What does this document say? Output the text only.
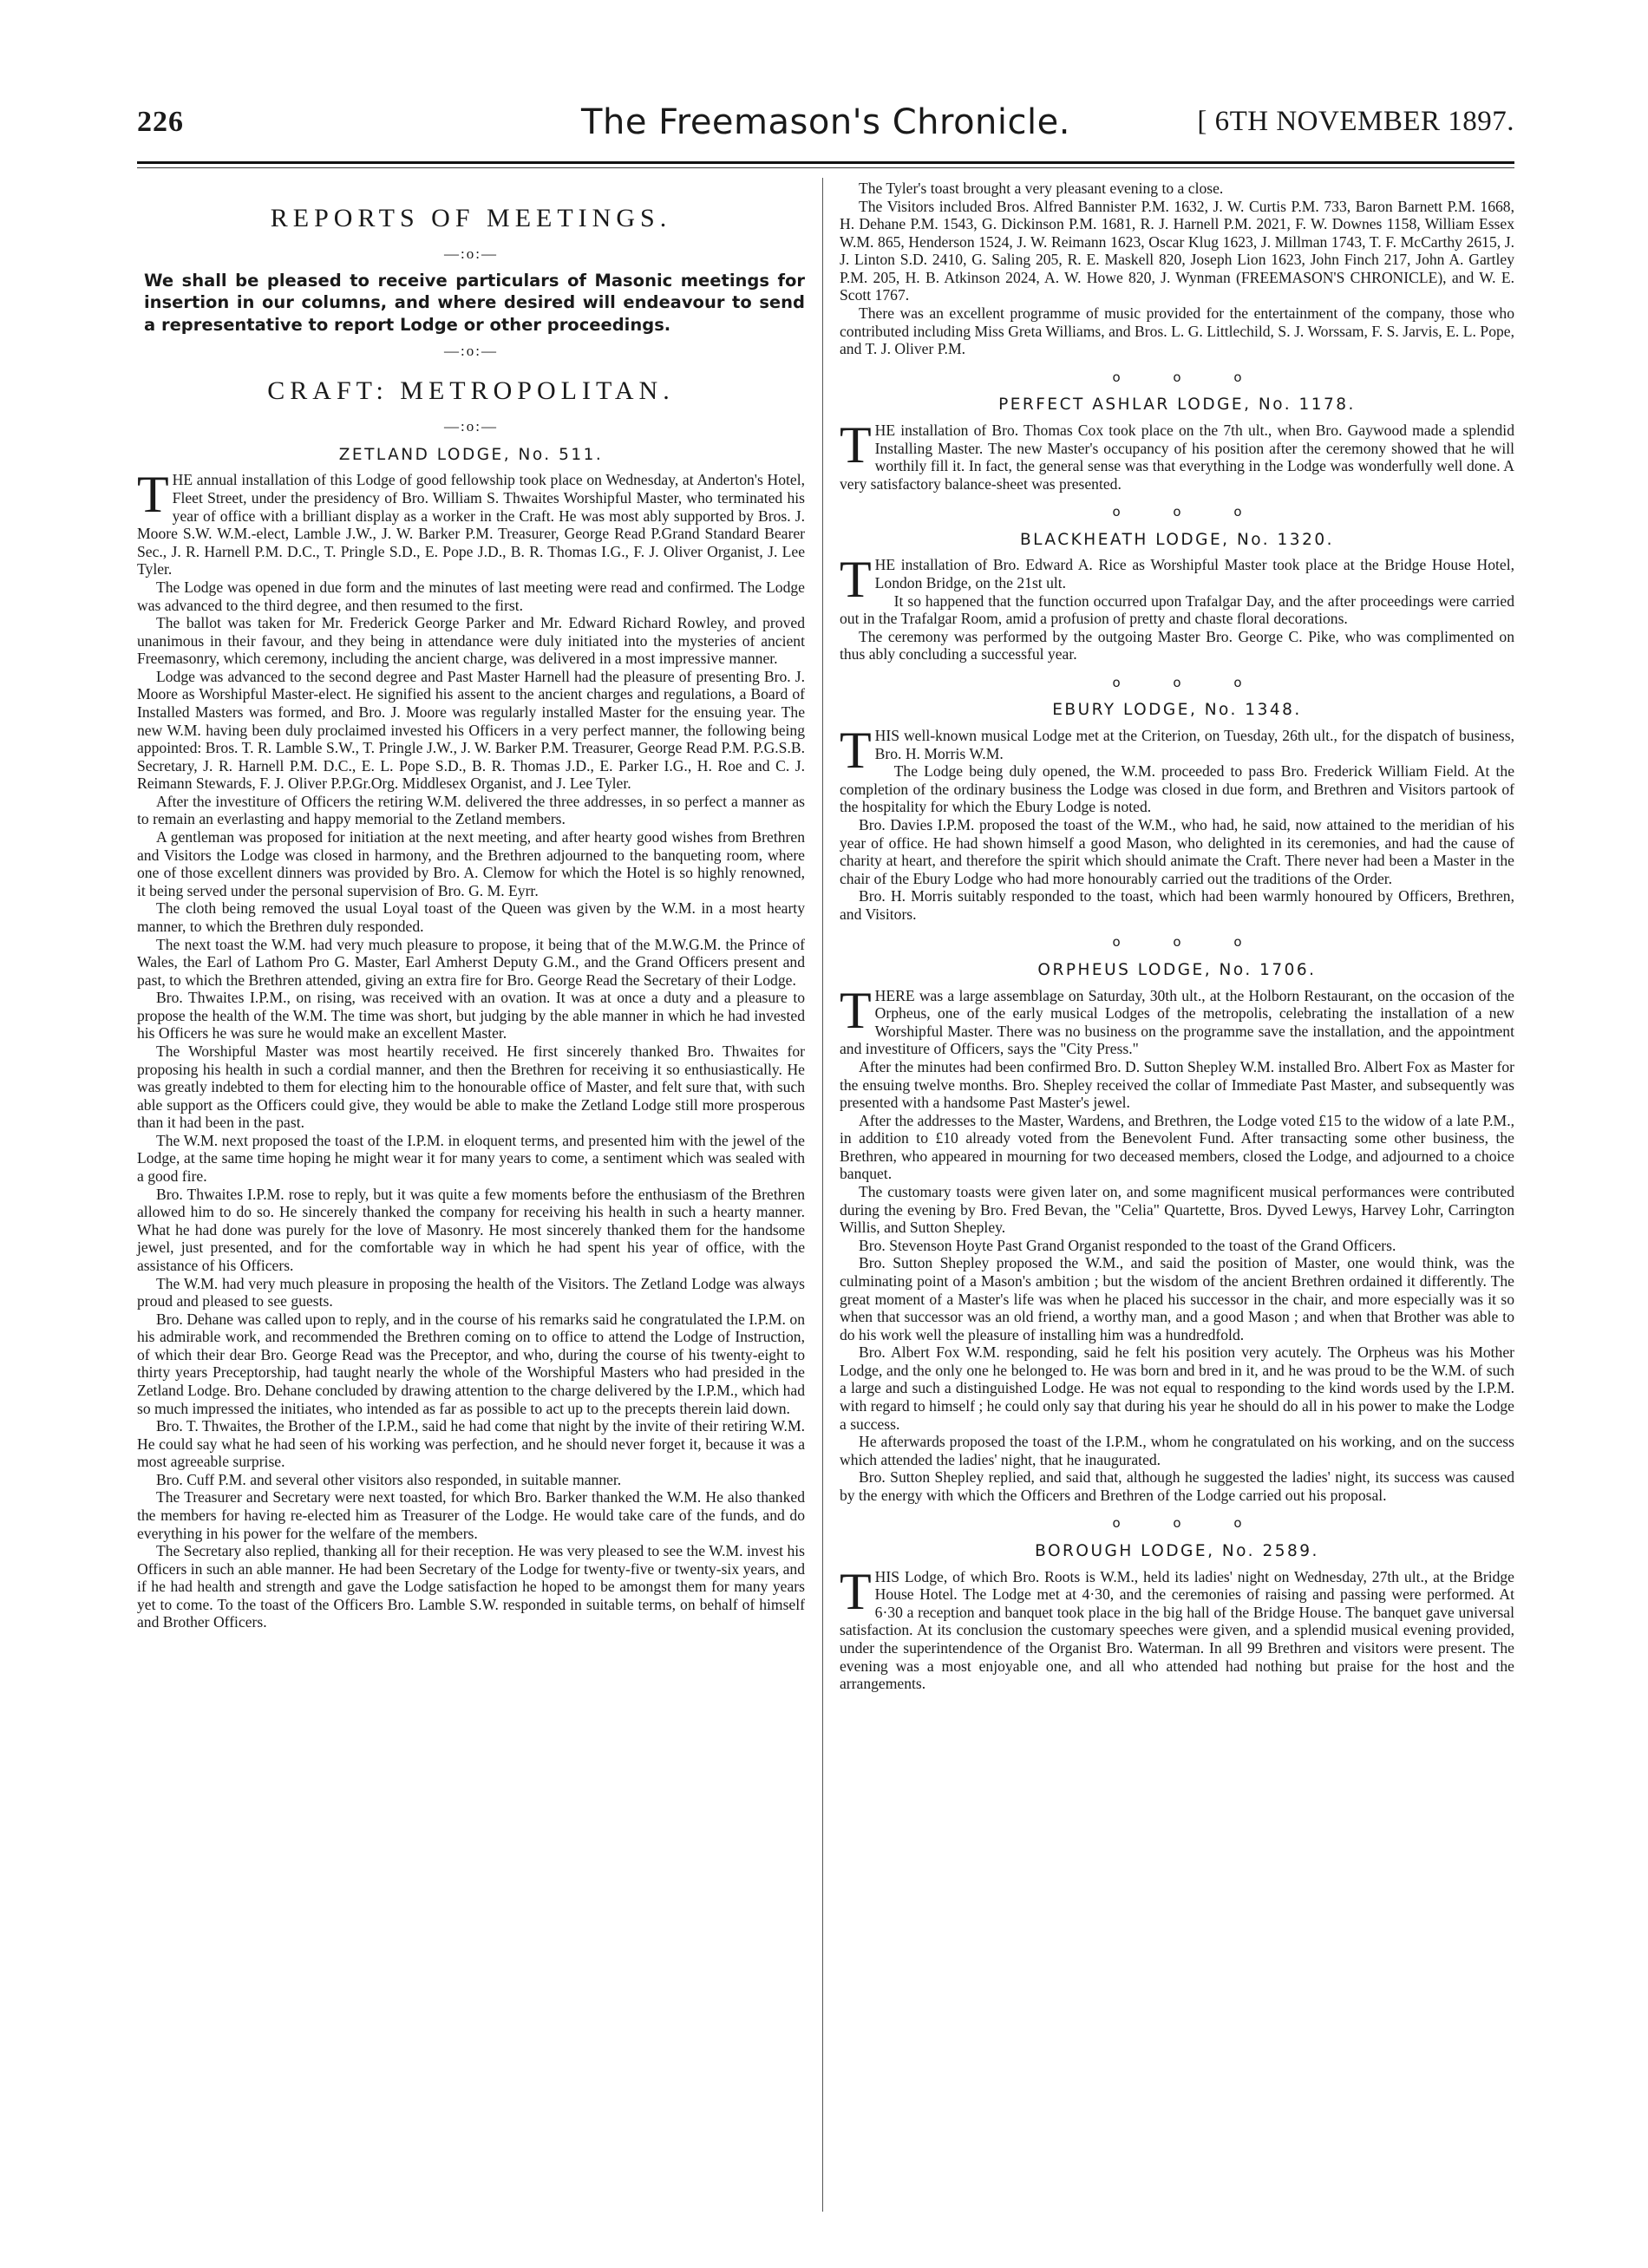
226	The Freemason's Chronicle.	[ 6TH NOVEMBER 1897.
REPORTS OF MEETINGS.
—:o:—
We shall be pleased to receive particulars of Masonic meetings for insertion in our columns, and where desired will endeavour to send a representative to report Lodge or other proceedings.
—:o:—
CRAFT: METROPOLITAN.
—:o:—
ZETLAND LODGE, No. 511.

THE annual installation of this Lodge of good fellowship took place on Wednesday, at Anderton's Hotel, Fleet Street, under the presidency of Bro. William S. Thwaites Worshipful Master, who terminated his year of office with a brilliant display as a worker in the Craft. He was most ably supported by Bros. J. Moore S.W. W.M.-elect, Lamble J.W., J. W. Barker P.M. Treasurer, George Read P.Grand Standard Bearer Sec., J. R. Harnell P.M. D.C., T. Pringle S.D., E. Pope J.D., B. R. Thomas I.G., F. J. Oliver Organist, J. Lee Tyler.

The Lodge was opened in due form and the minutes of last meeting were read and confirmed. The Lodge was advanced to the third degree, and then resumed to the first.

The ballot was taken for Mr. Frederick George Parker and Mr. Edward Richard Rowley, and proved unanimous in their favour, and they being in attendance were duly initiated into the mysteries of ancient Freemasonry, which ceremony, including the ancient charge, was delivered in a most impressive manner.

Lodge was advanced to the second degree and Past Master Harnell had the pleasure of presenting Bro. J. Moore as Worshipful Master-elect. He signified his assent to the ancient charges and regulations, a Board of Installed Masters was formed, and Bro. J. Moore was regularly installed Master for the ensuing year. The new W.M. having been duly proclaimed invested his Officers in a very perfect manner, the following being appointed: Bros. T. R. Lamble S.W., T. Pringle J.W., J. W. Barker P.M. Treasurer, George Read P.M. P.G.S.B. Secretary, J. R. Harnell P.M. D.C., E. L. Pope S.D., B. R. Thomas J.D., E. Parker I.G., H. Roe and C. J. Reimann Stewards, F. J. Oliver P.P.Gr.Org. Middlesex Organist, and J. Lee Tyler.

After the investiture of Officers the retiring W.M. delivered the three addresses, in so perfect a manner as to remain an everlasting and happy memorial to the Zetland members.

A gentleman was proposed for initiation at the next meeting, and after hearty good wishes from Brethren and Visitors the Lodge was closed in harmony, and the Brethren adjourned to the banqueting room, where one of those excellent dinners was provided by Bro. A. Clemow for which the Hotel is so highly renowned, it being served under the personal supervision of Bro. G. M. Eyrr.

The cloth being removed the usual Loyal toast of the Queen was given by the W.M. in a most hearty manner, to which the Brethren duly responded.

The next toast the W.M. had very much pleasure to propose, it being that of the M.W.G.M. the Prince of Wales, the Earl of Lathom Pro G. Master, Earl Amherst Deputy G.M., and the Grand Officers present and past, to which the Brethren attended, giving an extra fire for Bro. George Read the Secretary of their Lodge.

Bro. Thwaites I.P.M., on rising, was received with an ovation. It was at once a duty and a pleasure to propose the health of the W.M. The time was short, but judging by the able manner in which he had invested his Officers he was sure he would make an excellent Master.

The Worshipful Master was most heartily received. He first sincerely thanked Bro. Thwaites for proposing his health in such a cordial manner, and then the Brethren for receiving it so enthusiastically. He was greatly indebted to them for electing him to the honourable office of Master, and felt sure that, with such able support as the Officers could give, they would be able to make the Zetland Lodge still more prosperous than it had been in the past.

The W.M. next proposed the toast of the I.P.M. in eloquent terms, and presented him with the jewel of the Lodge, at the same time hoping he might wear it for many years to come, a sentiment which was sealed with a good fire.

Bro. Thwaites I.P.M. rose to reply, but it was quite a few moments before the enthusiasm of the Brethren allowed him to do so. He sincerely thanked the company for receiving his health in such a hearty manner. What he had done was purely for the love of Masonry. He most sincerely thanked them for the handsome jewel, just presented, and for the comfortable way in which he had spent his year of office, with the assistance of his Officers.

The W.M. had very much pleasure in proposing the health of the Visitors. The Zetland Lodge was always proud and pleased to see guests.

Bro. Dehane was called upon to reply, and in the course of his remarks said he congratulated the I.P.M. on his admirable work, and recommended the Brethren coming on to office to attend the Lodge of Instruction, of which their dear Bro. George Read was the Preceptor, and who, during the course of his twenty-eight to thirty years Preceptorship, had taught nearly the whole of the Worshipful Masters who had presided in the Zetland Lodge. Bro. Dehane concluded by drawing attention to the charge delivered by the I.P.M., which had so much impressed the initiates, who intended as far as possible to act up to the precepts therein laid down.

Bro. T. Thwaites, the Brother of the I.P.M., said he had come that night by the invite of their retiring W.M. He could say what he had seen of his working was perfection, and he should never forget it, because it was a most agreeable surprise.

Bro. Cuff P.M. and several other visitors also responded, in suitable manner.

The Treasurer and Secretary were next toasted, for which Bro. Barker thanked the W.M. He also thanked the members for having re-elected him as Treasurer of the Lodge. He would take care of the funds, and do everything in his power for the welfare of the members.

The Secretary also replied, thanking all for their reception. He was very pleased to see the W.M. invest his Officers in such an able manner. He had been Secretary of the Lodge for twenty-five or twenty-six years, and if he had health and strength and gave the Lodge satisfaction he hoped to be amongst them for many years yet to come. To the toast of the Officers Bro. Lamble S.W. responded in suitable terms, on behalf of himself and Brother Officers.

The Tyler's toast brought a very pleasant evening to a close.

The Visitors included Bros. Alfred Bannister P.M. 1632, J. W. Curtis P.M. 733, Baron Barnett P.M. 1668, H. Dehane P.M. 1543, G. Dickinson P.M. 1681, R. J. Harnell P.M. 2021, F. W. Downes 1158, William Essex W.M. 865, Henderson 1524, J. W. Reimann 1623, Oscar Klug 1623, J. Millman 1743, T. F. McCarthy 2615, J. J. Linton S.D. 2410, G. Saling 205, R. E. Maskell 820, Joseph Lion 1623, John Finch 217, John A. Gartley P.M. 205, H. B. Atkinson 2024, A. W. Howe 820, J. Wynman (FREEMASON'S CHRONICLE), and W. E. Scott 1767.

There was an excellent programme of music provided for the entertainment of the company, those who contributed including Miss Greta Williams, and Bros. L. G. Littlechild, S. J. Worssam, F. S. Jarvis, E. L. Pope, and T. J. Oliver P.M.

o	o	o
PERFECT ASHLAR LODGE, No. 1178.

THE installation of Bro. Thomas Cox took place on the 7th ult., when Bro. Gaywood made a splendid Installing Master. The new Master's occupancy of his position after the ceremony showed that he will worthily fill it. In fact, the general sense was that everything in the Lodge was wonderfully well done. A very satisfactory balance-sheet was presented.

o	o	o
BLACKHEATH LODGE, No. 1320.

THE installation of Bro. Edward A. Rice as Worshipful Master took place at the Bridge House Hotel, London Bridge, on the 21st ult.

It so happened that the function occurred upon Trafalgar Day, and the after proceedings were carried out in the Trafalgar Room, amid a profusion of pretty and chaste floral decorations.

The ceremony was performed by the outgoing Master Bro. George C. Pike, who was complimented on thus ably concluding a successful year.

o	o	o
EBURY LODGE, No. 1348.

THIS well-known musical Lodge met at the Criterion, on Tuesday, 26th ult., for the dispatch of business, Bro. H. Morris W.M.

The Lodge being duly opened, the W.M. proceeded to pass Bro. Frederick William Field. At the completion of the ordinary business the Lodge was closed in due form, and Brethren and Visitors partook of the hospitality for which the Ebury Lodge is noted.

Bro. Davies I.P.M. proposed the toast of the W.M., who had, he said, now attained to the meridian of his year of office. He had shown himself a good Mason, who delighted in its ceremonies, and had the cause of charity at heart, and therefore the spirit which should animate the Craft. There never had been a Master in the chair of the Ebury Lodge who had more honourably carried out the traditions of the Order.

Bro. H. Morris suitably responded to the toast, which had been warmly honoured by Officers, Brethren, and Visitors.

o	o	o
ORPHEUS LODGE, No. 1706.

THERE was a large assemblage on Saturday, 30th ult., at the Holborn Restaurant, on the occasion of the Orpheus, one of the early musical Lodges of the metropolis, celebrating the installation of a new Worshipful Master. There was no business on the programme save the installation, and the appointment and investiture of Officers, says the "City Press."

After the minutes had been confirmed Bro. D. Sutton Shepley W.M. installed Bro. Albert Fox as Master for the ensuing twelve months. Bro. Shepley received the collar of Immediate Past Master, and subsequently was presented with a handsome Past Master's jewel.

After the addresses to the Master, Wardens, and Brethren, the Lodge voted £15 to the widow of a late P.M., in addition to £10 already voted from the Benevolent Fund. After transacting some other business, the Brethren, who appeared in mourning for two deceased members, closed the Lodge, and adjourned to a choice banquet.

The customary toasts were given later on, and some magnificent musical performances were contributed during the evening by Bro. Fred Bevan, the "Celia" Quartette, Bros. Dyved Lewys, Harvey Lohr, Carrington Willis, and Sutton Shepley.

Bro. Stevenson Hoyte Past Grand Organist responded to the toast of the Grand Officers.

Bro. Sutton Shepley proposed the W.M., and said the position of Master, one would think, was the culminating point of a Mason's ambition ; but the wisdom of the ancient Brethren ordained it differently. The great moment of a Master's life was when he placed his successor in the chair, and more especially was it so when that successor was an old friend, a worthy man, and a good Mason ; and when that Brother was able to do his work well the pleasure of installing him was a hundredfold.

Bro. Albert Fox W.M. responding, said he felt his position very acutely. The Orpheus was his Mother Lodge, and the only one he belonged to. He was born and bred in it, and he was proud to be the W.M. of such a large and such a distinguished Lodge. He was not equal to responding to the kind words used by the I.P.M. with regard to himself ; he could only say that during his year he should do all in his power to make the Lodge a success.

He afterwards proposed the toast of the I.P.M., whom he congratulated on his working, and on the success which attended the ladies' night, that he inaugurated.

Bro. Sutton Shepley replied, and said that, although he suggested the ladies' night, its success was caused by the energy with which the Officers and Brethren of the Lodge carried out his proposal.

o	o	o
BOROUGH LODGE, No. 2589.

THIS Lodge, of which Bro. Roots is W.M., held its ladies' night on Wednesday, 27th ult., at the Bridge House Hotel. The Lodge met at 4·30, and the ceremonies of raising and passing were performed. At 6·30 a reception and banquet took place in the big hall of the Bridge House. The banquet gave universal satisfaction. At its conclusion the customary speeches were given, and a splendid musical evening provided, under the superintendence of the Organist Bro. Waterman. In all 99 Brethren and visitors were present. The evening was a most enjoyable one, and all who attended had nothing but praise for the host and the arrangements.
